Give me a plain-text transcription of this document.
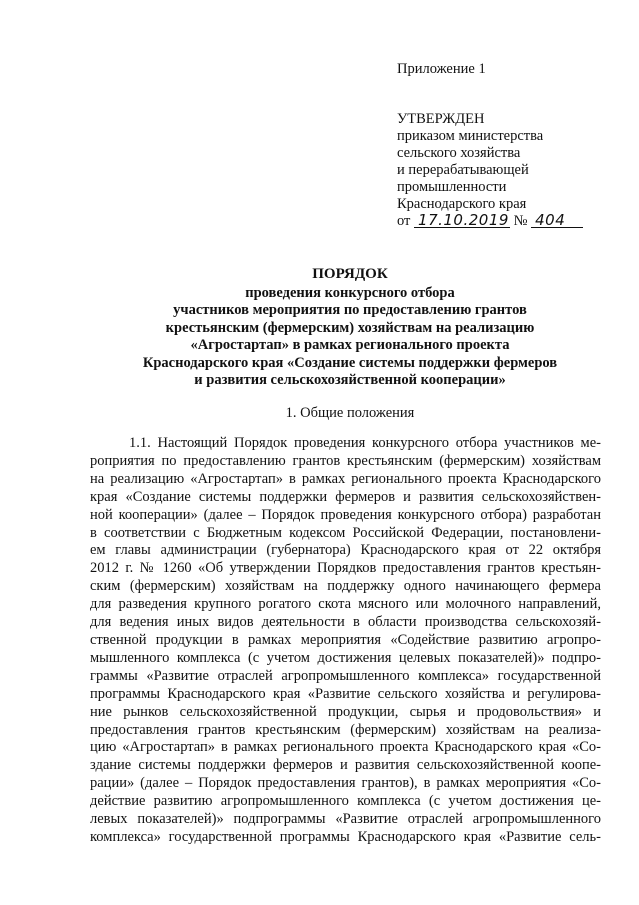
Приложение 1
УТВЕРЖДЕН
приказом министерства
сельского хозяйства
и перерабатывающей
промышленности
Краснодарского края
от 17.10.2019 № 404
ПОРЯДОК
проведения конкурсного отбора
участников мероприятия по предоставлению грантов
крестьянским (фермерским) хозяйствам на реализацию
«Агростартап» в рамках регионального проекта
Краснодарского края «Создание системы поддержки фермеров
и развития сельскохозяйственной кооперации»
1. Общие положения
1.1. Настоящий Порядок проведения конкурсного отбора участников ме-
роприятия по предоставлению грантов крестьянским (фермерским) хозяйствам
на реализацию «Агростартап» в рамках регионального проекта Краснодарского
края «Создание системы поддержки фермеров и развития сельскохозяйствен-
ной кооперации» (далее – Порядок проведения конкурсного отбора) разработан
в соответствии с Бюджетным кодексом Российской Федерации, постановлени-
ем главы администрации (губернатора) Краснодарского края от 22 октября
2012 г. № 1260 «Об утверждении Порядков предоставления грантов крестьян-
ским (фермерским) хозяйствам на поддержку одного начинающего фермера
для разведения крупного рогатого скота мясного или молочного направлений,
для ведения иных видов деятельности в области производства сельскохозяй-
ственной продукции в рамках мероприятия «Содействие развитию агропро-
мышленного комплекса (с учетом достижения целевых показателей)» подпро-
граммы «Развитие отраслей агропромышленного комплекса» государственной
программы Краснодарского края «Развитие сельского хозяйства и регулирова-
ние рынков сельскохозяйственной продукции, сырья и продовольствия» и
предоставления грантов крестьянским (фермерским) хозяйствам на реализа-
цию «Агростартап» в рамках регионального проекта Краснодарского края «Со-
здание системы поддержки фермеров и развития сельскохозяйственной коопе-
рации» (далее – Порядок предоставления грантов), в рамках мероприятия «Со-
действие развитию агропромышленного комплекса (с учетом достижения це-
левых показателей)» подпрограммы «Развитие отраслей агропромышленного
комплекса» государственной программы Краснодарского края «Развитие сель-
